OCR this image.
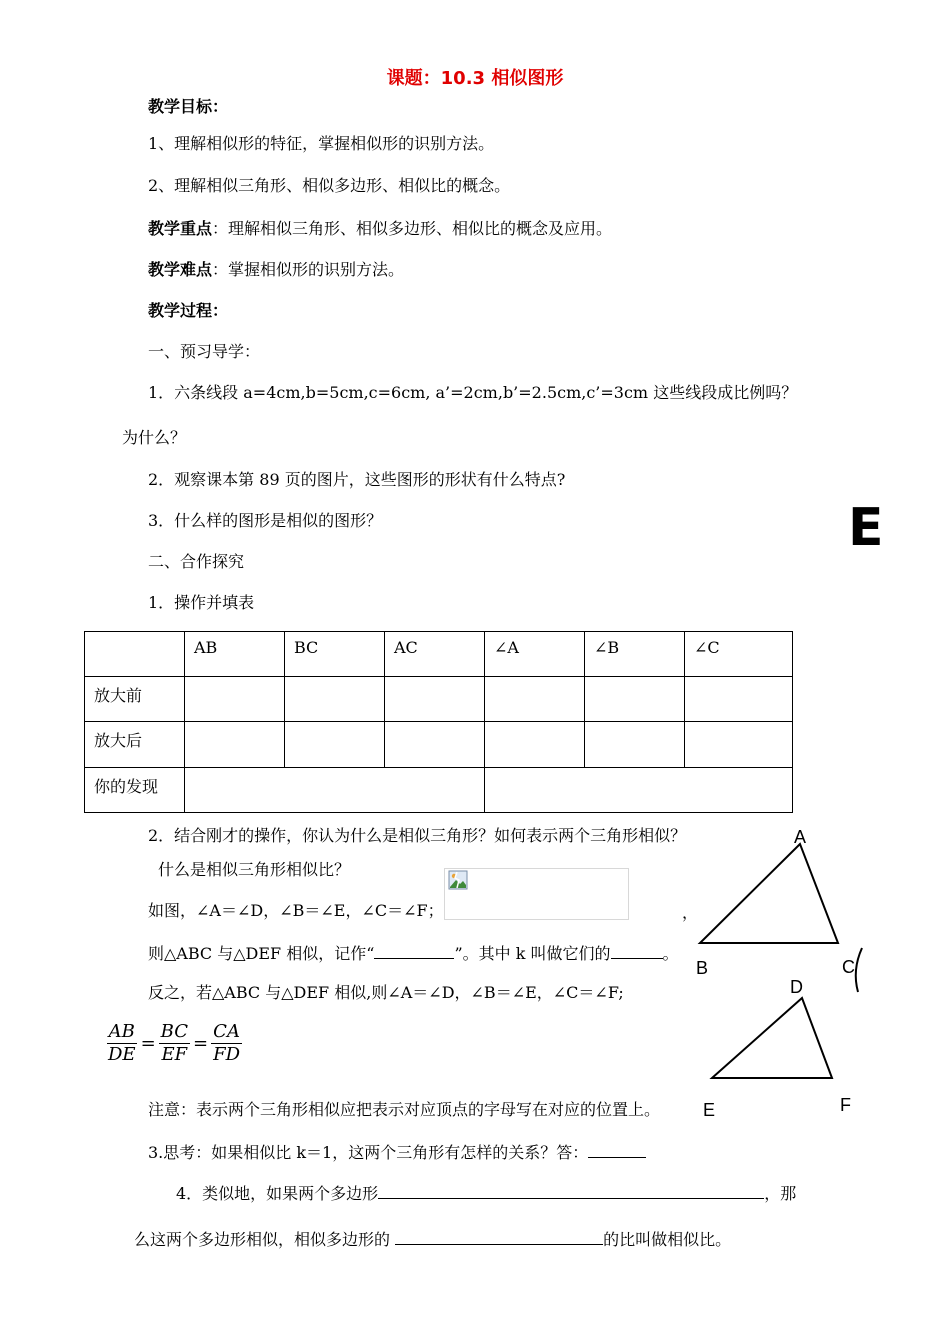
课题：10.3 相似图形
教学目标：
1、理解相似形的特征，掌握相似形的识别方法。
2、理解相似三角形、相似多边形、相似比的概念。
教学重点：理解相似三角形、相似多边形、相似比的概念及应用。
教学难点：掌握相似形的识别方法。
教学过程：
一、预习导学：
1．六条线段 a=4cm,b=5cm,c=6cm, a’=2cm,b’=2.5cm,c’=3cm 这些线段成比例吗？
为什么？
2．观察课本第 89 页的图片，这些图形的形状有什么特点?
3．什么样的图形是相似的图形？	E
二、合作探究
1．操作并填表
	AB	BC	AC	∠A	∠B	∠C
放大前						
放大后						
你的发现						
2．结合刚才的操作，你认为什么是相似三角形？如何表示两个三角形相似？
什么是相似三角形相似比？
如图，∠A＝∠D，∠B＝∠E，∠C＝∠F；	，
则△ABC 与△DEF 相似，记作“	”。其中 k 叫做它们的	。
反之，若△ABC 与△DEF 相似,则∠A＝∠D，∠B＝∠E，∠C＝∠F;
$\frac{AB}{DE} = \frac{BC}{EF} = \frac{CA}{FD}$
注意：表示两个三角形相似应把表示对应顶点的字母写在对应的位置上。
3.思考：如果相似比 k＝1，这两个三角形有怎样的关系？答：
4．类似地，如果两个多边形	，那
么这两个多边形相似，相似多边形的	的比叫做相似比。
A
B	C
D
E	F
